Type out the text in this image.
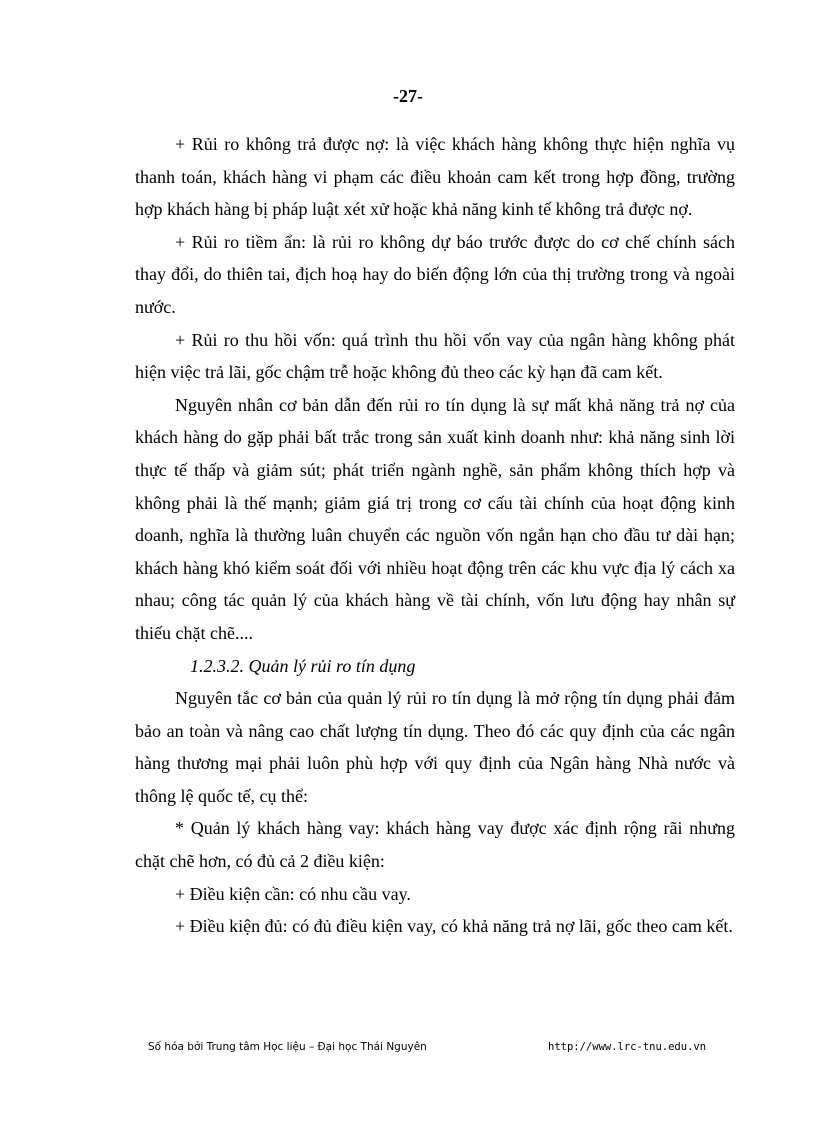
-27-

+ Rủi ro không trả được nợ: là việc khách hàng không thực hiện nghĩa vụ thanh toán, khách hàng vi phạm các điều khoản cam kết trong hợp đồng, trường hợp khách hàng bị pháp luật xét xử hoặc khả năng kinh tế không trả được nợ.

+ Rủi ro tiềm ẩn: là rủi ro không dự báo trước được do cơ chế chính sách thay đổi, do thiên tai, địch hoạ hay do biến động lớn của thị trường trong và ngoài nước.

+ Rủi ro thu hồi vốn: quá trình thu hồi vốn vay của ngân hàng không phát hiện việc trả lãi, gốc chậm trễ hoặc không đủ theo các kỳ hạn đã cam kết.

Nguyên nhân cơ bản dẫn đến rủi ro tín dụng là sự mất khả năng trả nợ của khách hàng do gặp phải bất trắc trong sản xuất kinh doanh như: khả năng sinh lời thực tế thấp và giảm sút; phát triển ngành nghề, sản phẩm không thích hợp và không phải là thế mạnh; giảm giá trị trong cơ cấu tài chính của hoạt động kinh doanh, nghĩa là thường luân chuyển các nguồn vốn ngắn hạn cho đầu tư dài hạn; khách hàng khó kiểm soát đối với nhiều hoạt động trên các khu vực địa lý cách xa nhau; công tác quản lý của khách hàng về tài chính, vốn lưu động hay nhân sự thiếu chặt chẽ....

1.2.3.2. Quản lý rủi ro tín dụng

Nguyên tắc cơ bản của quản lý rủi ro tín dụng là mở rộng tín dụng phải đảm bảo an toàn và nâng cao chất lượng tín dụng. Theo đó các quy định của các ngân hàng thương mại phải luôn phù hợp với quy định của Ngân hàng Nhà nước và thông lệ quốc tế, cụ thể:

* Quản lý khách hàng vay: khách hàng vay được xác định rộng rãi nhưng chặt chẽ hơn, có đủ cả 2 điều kiện:

+ Điều kiện cần: có nhu cầu vay.

+ Điều kiện đủ: có đủ điều kiện vay, có khả năng trả nợ lãi, gốc theo cam kết.

Số hóa bởi Trung tâm Học liệu – Đại học Thái Nguyên	http://www.lrc-tnu.edu.vn
